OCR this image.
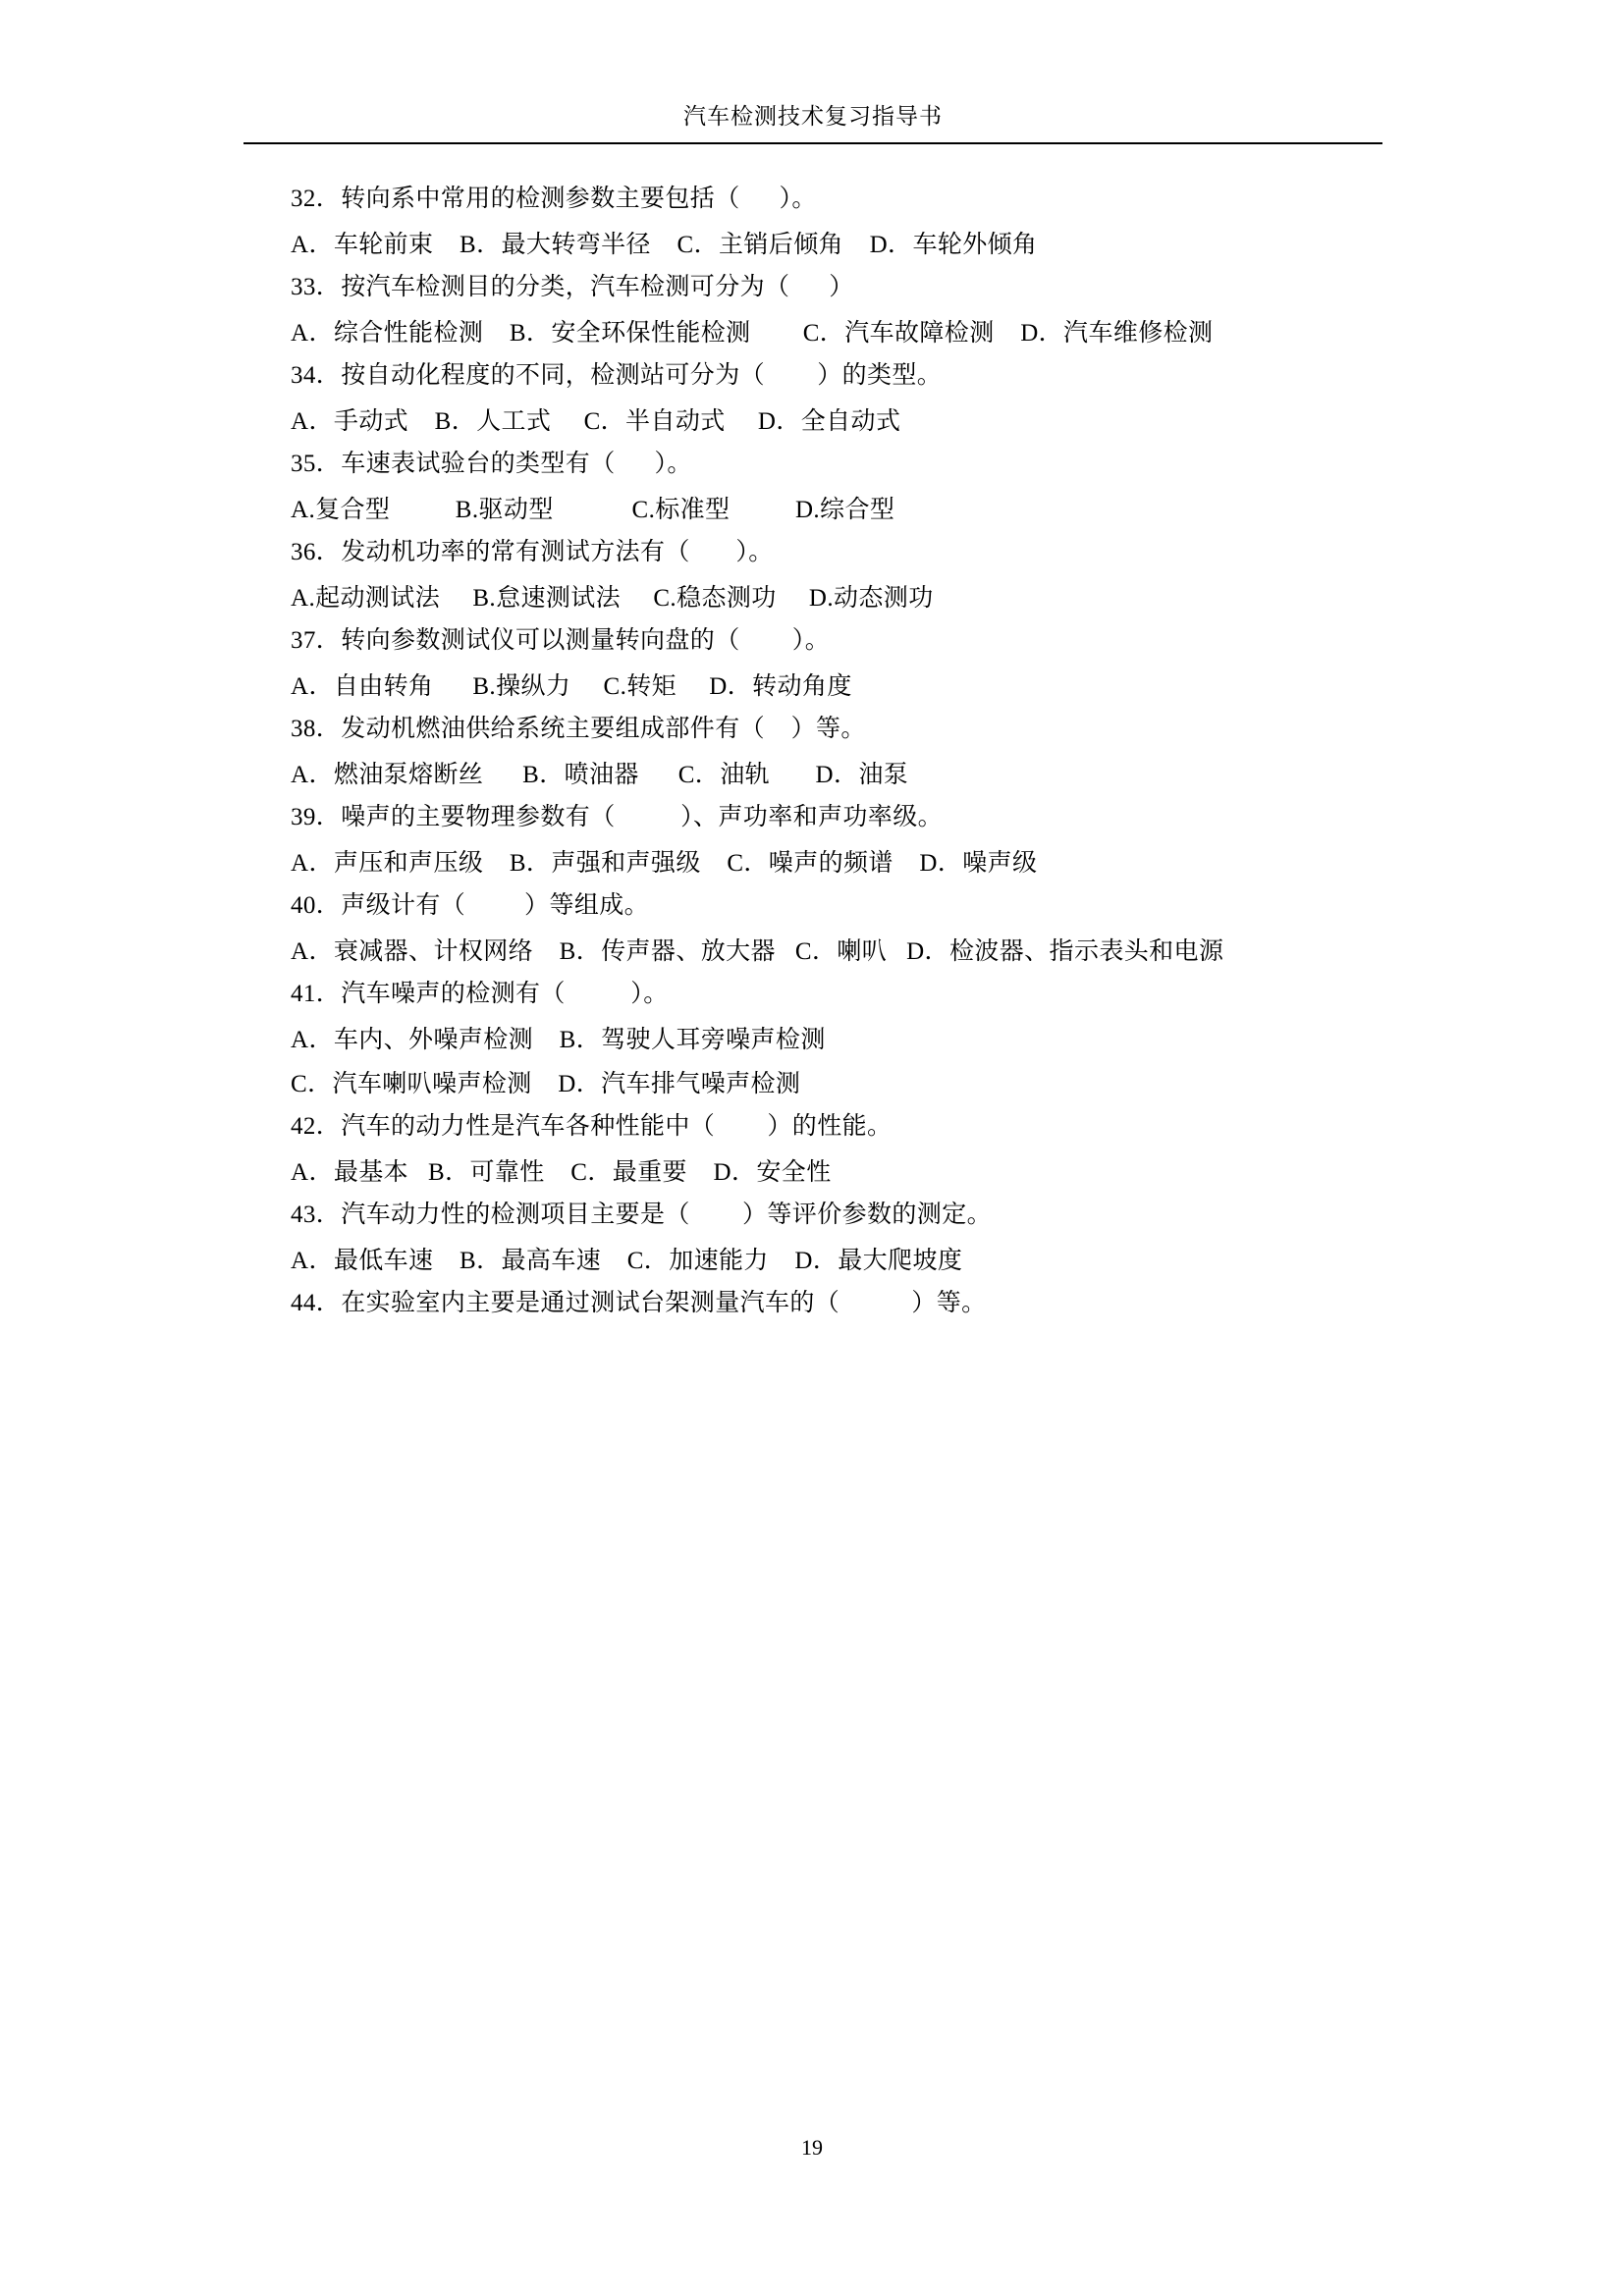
汽车检测技术复习指导书

32．转向系中常用的检测参数主要包括（      ）。

A．车轮前束    B．最大转弯半径    C．主销后倾角    D．车轮外倾角

33．按汽车检测目的分类，汽车检测可分为（      ）

A．综合性能检测    B．安全环保性能检测        C．汽车故障检测    D．汽车维修检测

34．按自动化程度的不同，检测站可分为（        ）的类型。

A．手动式    B．人工式     C．半自动式     D．全自动式

35．车速表试验台的类型有（      ）。

A.复合型          B.驱动型            C.标准型          D.综合型

36．发动机功率的常有测试方法有（       ）。

A.起动测试法     B.怠速测试法     C.稳态测功     D.动态测功

37．转向参数测试仪可以测量转向盘的（        ）。

A．自由转角      B.操纵力     C.转矩     D．转动角度

38．发动机燃油供给系统主要组成部件有（    ）等。

A．燃油泵熔断丝      B．喷油器      C．油轨       D．油泵

39．噪声的主要物理参数有（          ）、声功率和声功率级。

A．声压和声压级    B．声强和声强级    C．噪声的频谱    D．噪声级

40．声级计有（         ）等组成。

A．衰减器、计权网络    B．传声器、放大器   C．喇叭   D．检波器、指示表头和电源

41．汽车噪声的检测有（          ）。

A．车内、外噪声检测    B．驾驶人耳旁噪声检测

C．汽车喇叭噪声检测    D．汽车排气噪声检测

42．汽车的动力性是汽车各种性能中（        ）的性能。

A．最基本   B．可靠性    C．最重要    D．安全性

43．汽车动力性的检测项目主要是（        ）等评价参数的测定。

A．最低车速    B．最高车速    C．加速能力    D．最大爬坡度

44．在实验室内主要是通过测试台架测量汽车的（           ）等。

19
